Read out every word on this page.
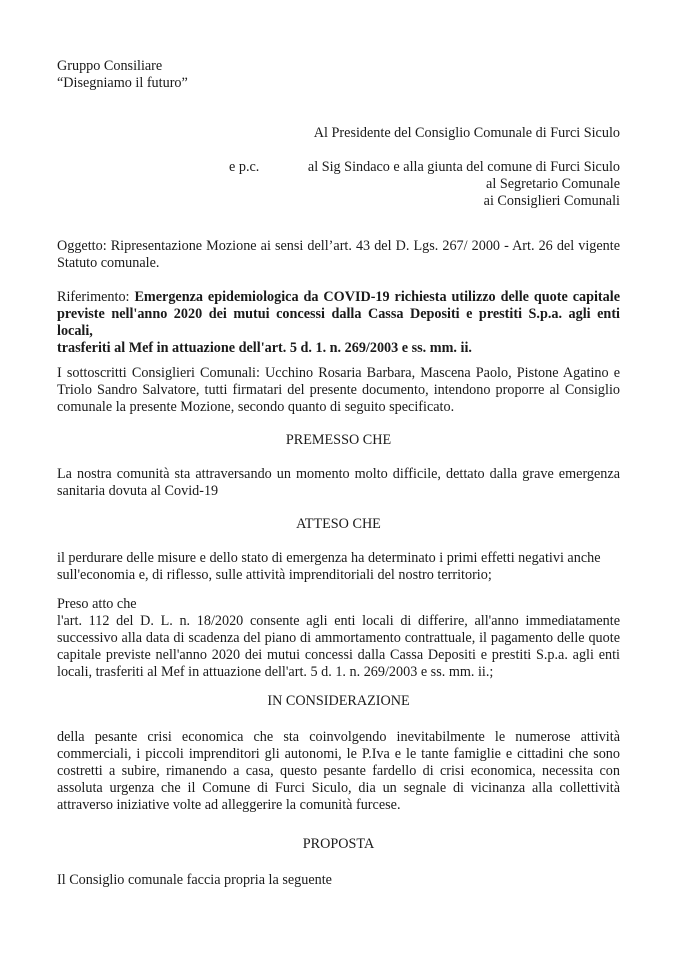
Gruppo Consiliare
“Disegniamo il futuro”
Al Presidente del Consiglio Comunale di Furci Siculo
e p.c.	al Sig Sindaco e alla giunta del comune di Furci Siculo
al Segretario Comunale
ai Consiglieri Comunali
Oggetto: Ripresentazione Mozione ai sensi dell’art. 43 del D. Lgs. 267/ 2000 - Art. 26 del vigente
Statuto comunale.
Riferimento: Emergenza epidemiologica da COVID-19 richiesta utilizzo delle quote capitale
previste nell'anno 2020 dei mutui concessi dalla Cassa Depositi e prestiti S.p.a. agli enti locali,
trasferiti al Mef in attuazione dell'art. 5 d. 1. n. 269/2003 e ss. mm. ii.
I sottoscritti Consiglieri Comunali: Ucchino Rosaria Barbara, Mascena Paolo, Pistone Agatino e
Triolo Sandro Salvatore, tutti firmatari del presente documento, intendono proporre al Consiglio
comunale la presente Mozione, secondo quanto di seguito specificato.
PREMESSO CHE
La nostra comunità sta attraversando un momento molto difficile, dettato dalla grave emergenza
sanitaria dovuta al Covid-19
ATTESO CHE
il perdurare delle misure e dello stato di emergenza ha determinato i primi effetti negativi anche
sull'economia e, di riflesso, sulle attività imprenditoriali del nostro territorio;
Preso atto che
l'art. 112 del D. L. n. 18/2020 consente agli enti locali di differire, all'anno immediatamente
successivo alla data di scadenza del piano di ammortamento contrattuale, il pagamento delle quote
capitale previste nell'anno 2020 dei mutui concessi dalla Cassa Depositi e prestiti S.p.a. agli enti
locali, trasferiti al Mef in attuazione dell'art. 5 d. 1. n. 269/2003 e ss. mm. ii.;
IN CONSIDERAZIONE
della pesante crisi economica che sta coinvolgendo inevitabilmente le numerose attività
commerciali, i piccoli imprenditori gli autonomi, le P.Iva e le tante famiglie e cittadini che sono
costretti a subire, rimanendo a casa, questo pesante fardello di crisi economica, necessita con
assoluta urgenza che il Comune di Furci Siculo, dia un segnale di vicinanza alla collettività
attraverso iniziative volte ad alleggerire la comunità furcese.
PROPOSTA
Il Consiglio comunale faccia propria la seguente
